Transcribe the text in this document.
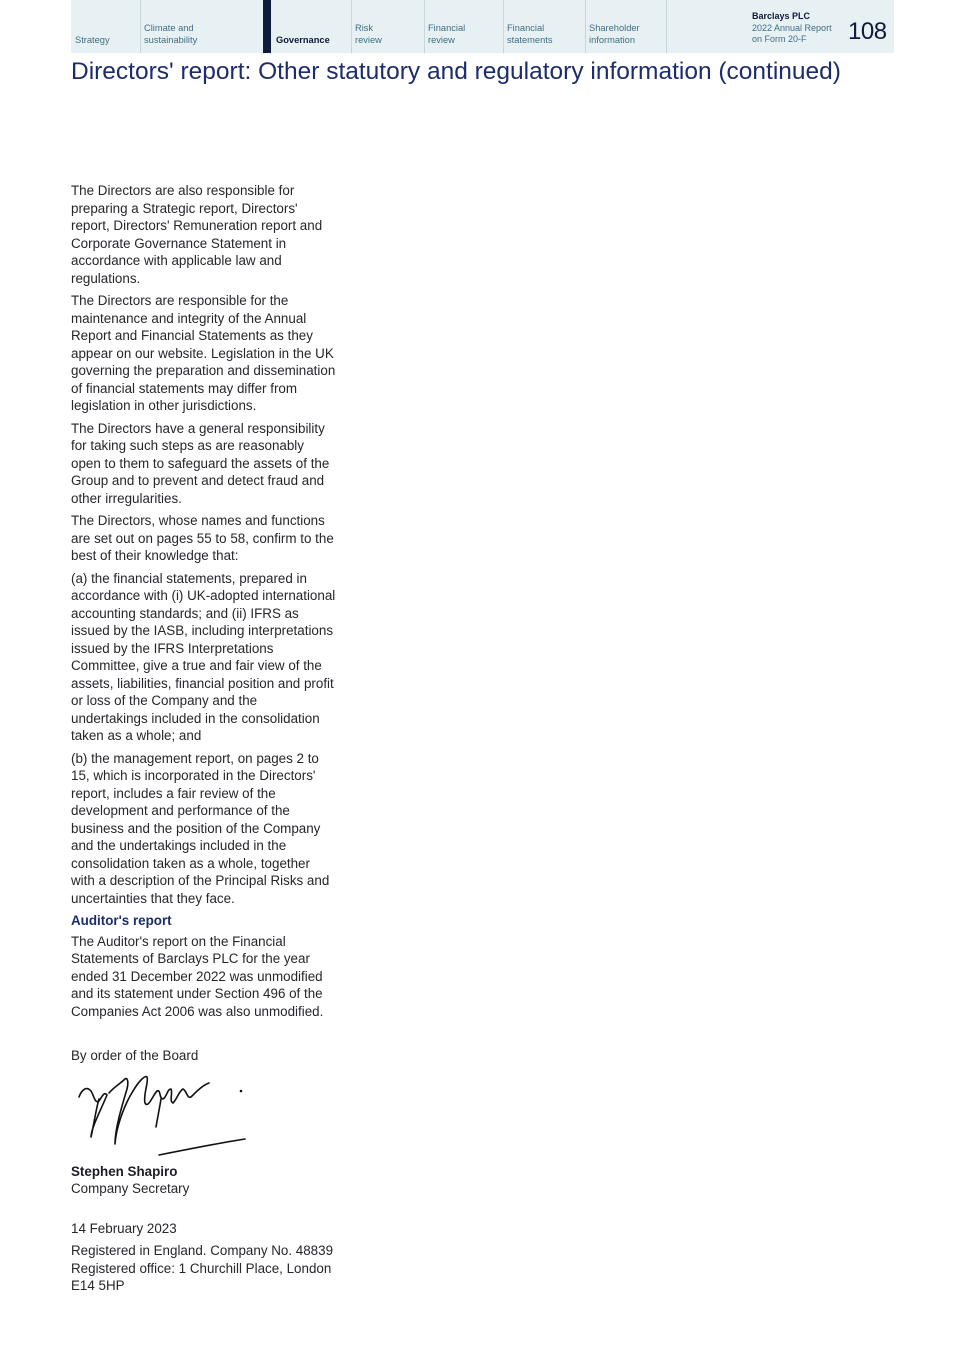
Strategy
Climate and
sustainability	Governance
Risk
review
Financial
review
Financial
statements
Shareholder
information
Barclays PLC
2022 Annual Report
on Form 20-F	108
Directors' report: Other statutory and regulatory information (continued)

The Directors are also responsible for preparing a Strategic report, Directors' report, Directors' Remuneration report and Corporate Governance Statement in accordance with applicable law and regulations.

The Directors are responsible for the maintenance and integrity of the Annual Report and Financial Statements as they appear on our website. Legislation in the UK governing the preparation and dissemination of financial statements may differ from legislation in other jurisdictions.

The Directors have a general responsibility for taking such steps as are reasonably open to them to safeguard the assets of the Group and to prevent and detect fraud and other irregularities.

The Directors, whose names and functions are set out on pages 55 to 58, confirm to the best of their knowledge that:

(a) the financial statements, prepared in accordance with (i) UK-adopted international accounting standards; and (ii) IFRS as issued by the IASB, including interpretations issued by the IFRS Interpretations Committee, give a true and fair view of the assets, liabilities, financial position and profit or loss of the Company and the undertakings included in the consolidation taken as a whole; and

(b) the management report, on pages 2 to 15, which is incorporated in the Directors' report, includes a fair review of the development and performance of the business and the position of the Company and the undertakings included in the consolidation taken as a whole, together with a description of the Principal Risks and uncertainties that they face.

Auditor's report

The Auditor's report on the Financial Statements of Barclays PLC for the year ended 31 December 2022 was unmodified and its statement under Section 496 of the Companies Act 2006 was also unmodified.

By order of the Board

Stephen Shapiro

Company Secretary

14 February 2023

Registered in England. Company No. 48839

Registered office: 1 Churchill Place, London E14 5HP
